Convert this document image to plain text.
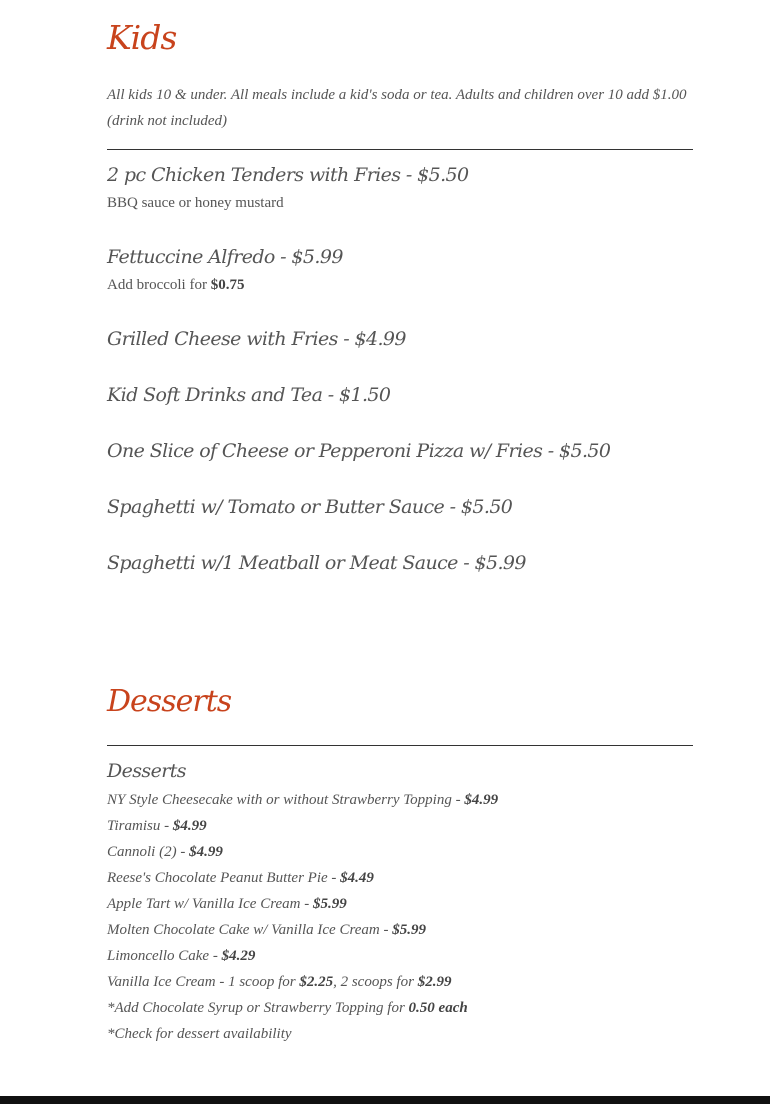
Kids
All kids 10 & under. All meals include a kid's soda or tea. Adults and children over 10 add $1.00 (drink not included)
2 pc Chicken Tenders with Fries - $5.50
BBQ sauce or honey mustard
Fettuccine Alfredo - $5.99
Add broccoli for $0.75
Grilled Cheese with Fries - $4.99
Kid Soft Drinks and Tea - $1.50
One Slice of Cheese or Pepperoni Pizza w/ Fries - $5.50
Spaghetti w/ Tomato or Butter Sauce - $5.50
Spaghetti w/1 Meatball or Meat Sauce - $5.99
Desserts
Desserts
NY Style Cheesecake with or without Strawberry Topping - $4.99
Tiramisu - $4.99
Cannoli (2) - $4.99
Reese's Chocolate Peanut Butter Pie - $4.49
Apple Tart w/ Vanilla Ice Cream - $5.99
Molten Chocolate Cake w/ Vanilla Ice Cream - $5.99
Limoncello Cake - $4.29
Vanilla Ice Cream - 1 scoop for $2.25, 2 scoops for $2.99
*Add Chocolate Syrup or Strawberry Topping for 0.50 each
*Check for dessert availability
